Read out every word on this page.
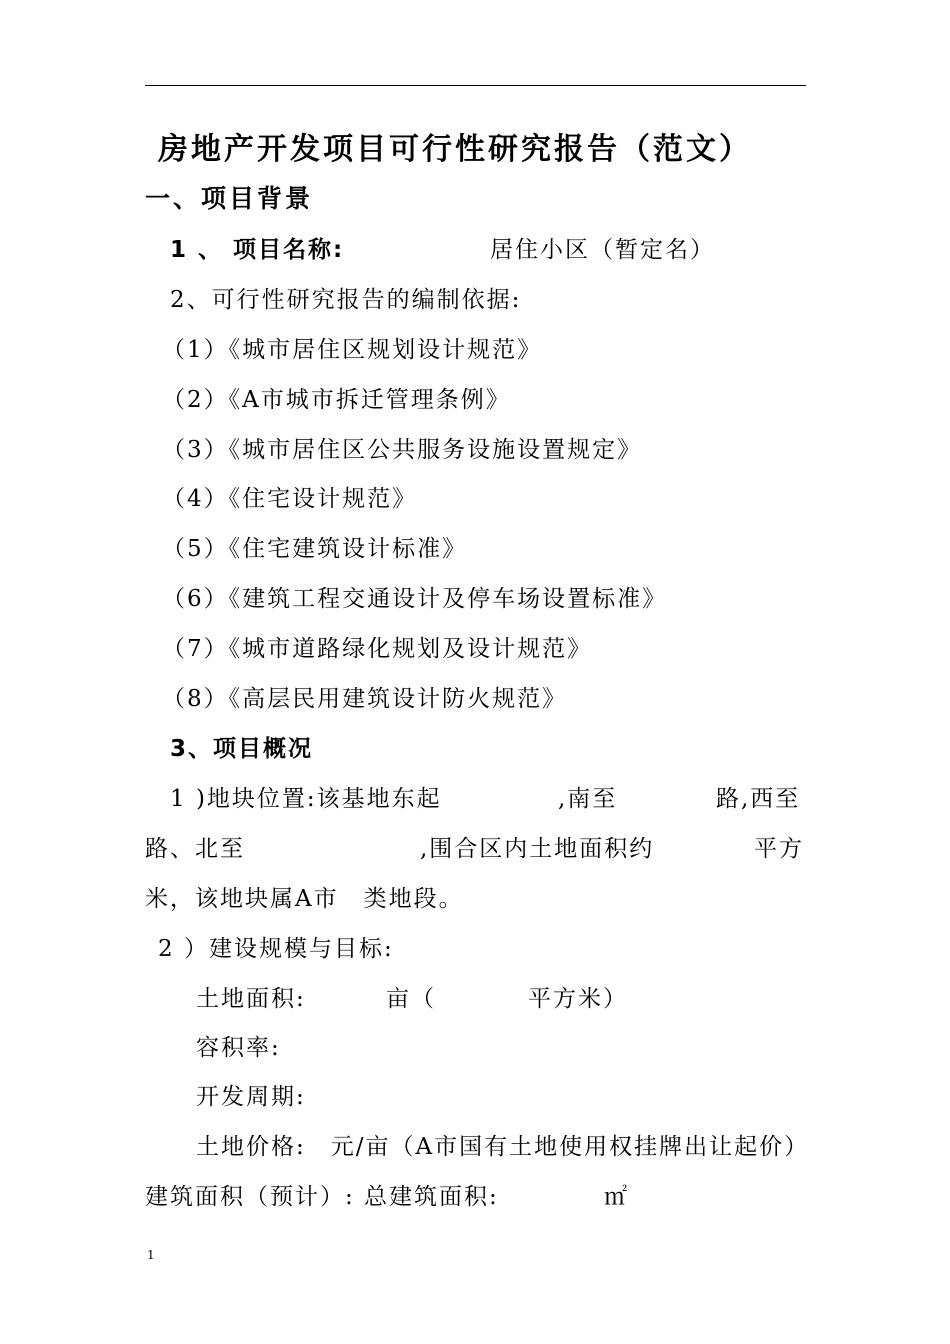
房地产开发项目可行性研究报告（范文）
一、项目背景
1 、 项目名称:	居住小区（暂定名）
2、可行性研究报告的编制依据:
（1）《城市居住区规划设计规范》
（2）《A市城市拆迁管理条例》
（3）《城市居住区公共服务设施设置规定》
（4）《住宅设计规范》
（5）《住宅建筑设计标准》
（6）《建筑工程交通设计及停车场设置标准》
（7）《城市道路绿化规划及设计规范》
（8）《高层民用建筑设计防火规范》
3、项目概况
1 )地块位置:该基地东起	,南至	路,西至
路、北至	,围合区内土地面积约	平方
米，该地块属A市　类地段。
2 ）建设规模与目标:
土地面积:	亩（	平方米）
容积率:
开发周期:
土地价格:　元/亩（A市国有土地使用权挂牌出让起价）
建筑面积（预计）: 总建筑面积:	㎡
1
